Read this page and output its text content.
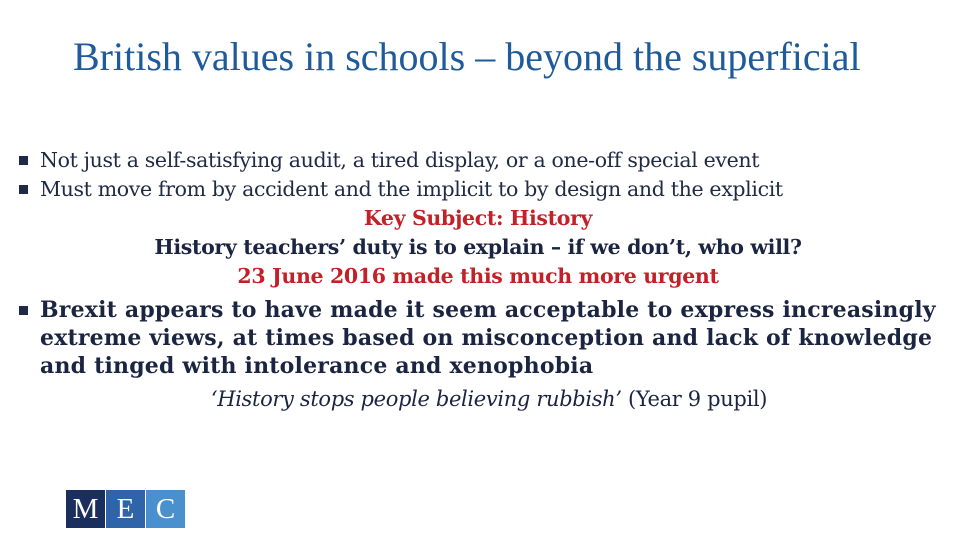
British values in schools – beyond the superficial
Not just a self-satisfying audit, a tired display, or a one-off special event
Must move from by accident and the implicit to by design and the explicit
Key Subject: History
History teachers’ duty is to explain – if we don’t, who will?
23 June 2016 made this much more urgent
Brexit appears to have made it seem acceptable to express increasingly extreme views, at times based on misconception and lack of knowledge and tinged with intolerance and xenophobia
‘History stops people believing rubbish’ (Year 9 pupil)
M E C
